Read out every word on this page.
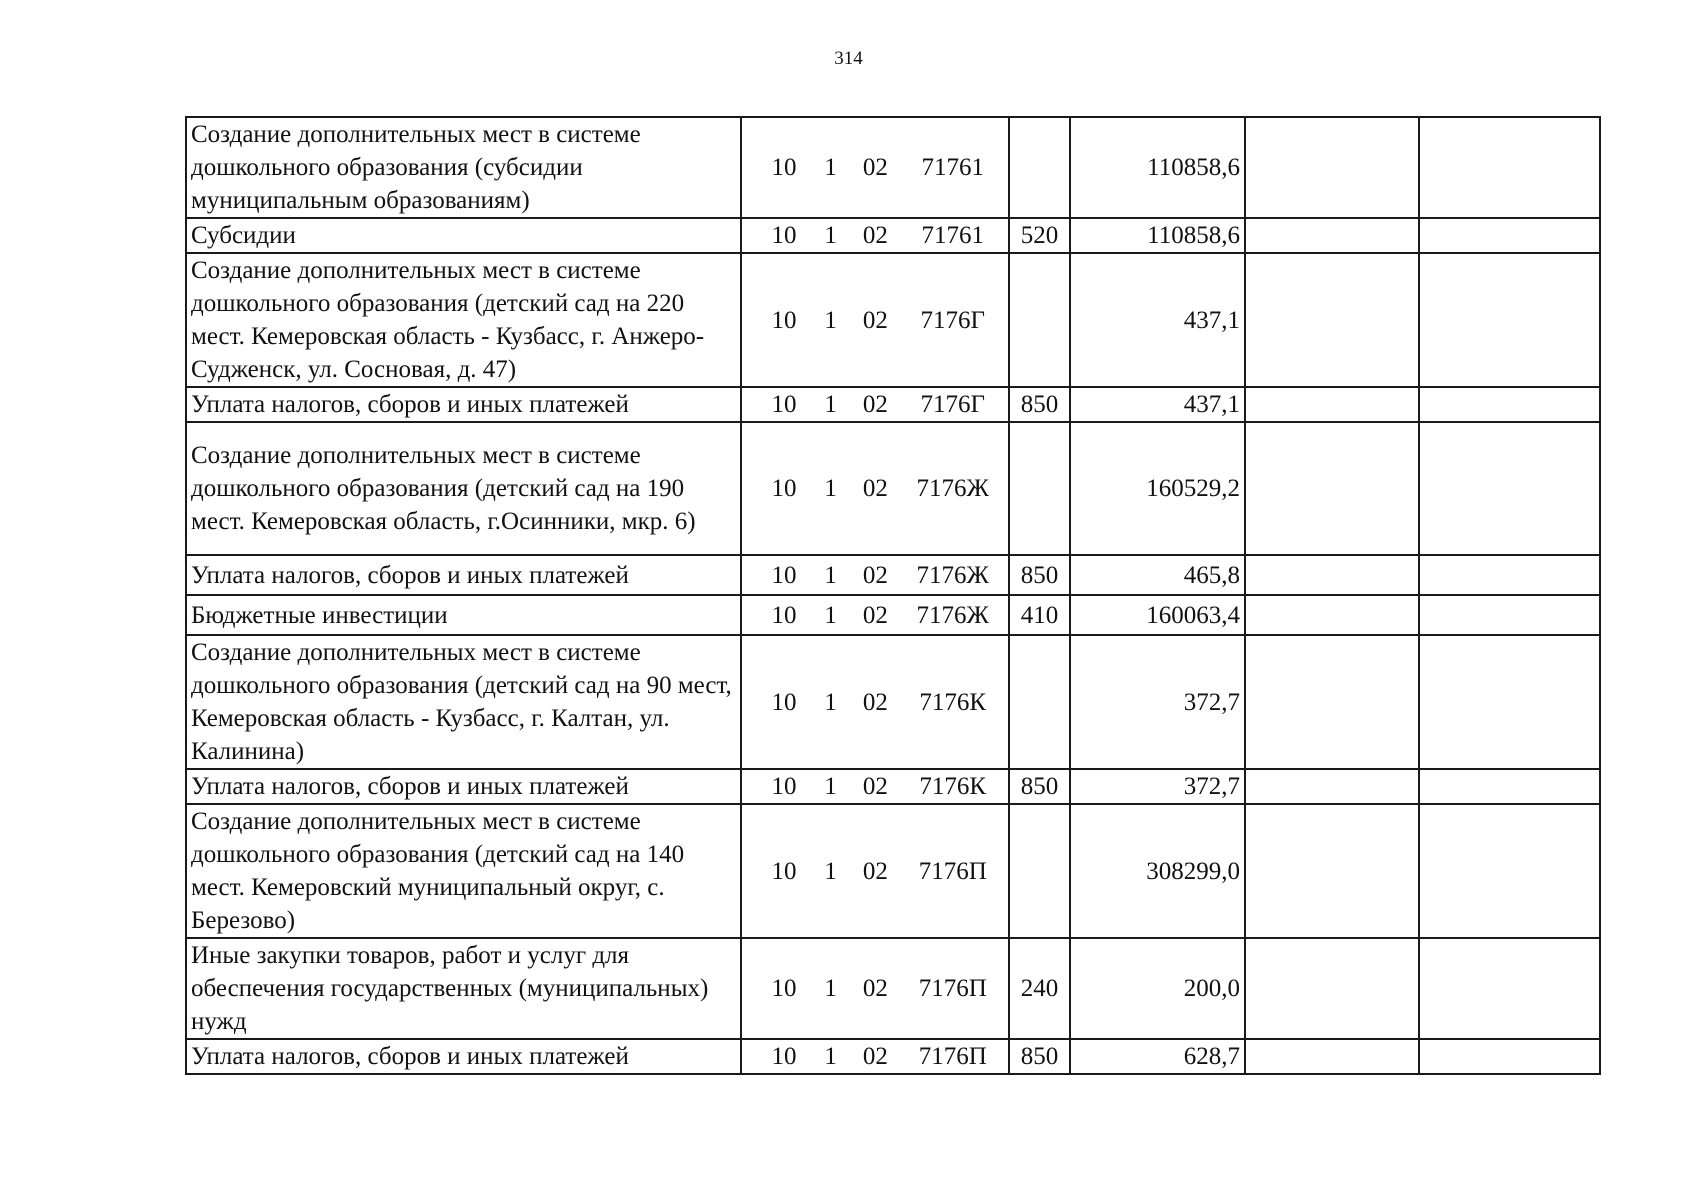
314
Создание дополнительных мест в системе дошкольного образования (субсидии муниципальным образованиям)	10 1 02 71761		110858,6		
Субсидии	10 1 02 71761	520	110858,6		
Создание дополнительных мест в системе дошкольного образования (детский сад на 220 мест. Кемеровская область - Кузбасс, г. Анжеро-Судженск, ул. Сосновая, д. 47)	10 1 02 7176Г		437,1		
Уплата налогов, сборов и иных платежей	10 1 02 7176Г	850	437,1		
Создание дополнительных мест в системе дошкольного образования (детский сад на 190 мест. Кемеровская область, г.Осинники, мкр. 6)	10 1 02 7176Ж		160529,2		
Уплата налогов, сборов и иных платежей	10 1 02 7176Ж	850	465,8		
Бюджетные инвестиции	10 1 02 7176Ж	410	160063,4		
Создание дополнительных мест в системе дошкольного образования (детский сад на 90 мест, Кемеровская область - Кузбасс, г. Калтан, ул. Калинина)	10 1 02 7176К		372,7		
Уплата налогов, сборов и иных платежей	10 1 02 7176К	850	372,7		
Создание дополнительных мест в системе дошкольного образования (детский сад на 140 мест. Кемеровский муниципальный округ, с. Березово)	10 1 02 7176П		308299,0		
Иные закупки товаров, работ и услуг для обеспечения государственных (муниципальных) нужд	10 1 02 7176П	240	200,0		
Уплата налогов, сборов и иных платежей	10 1 02 7176П	850	628,7		
